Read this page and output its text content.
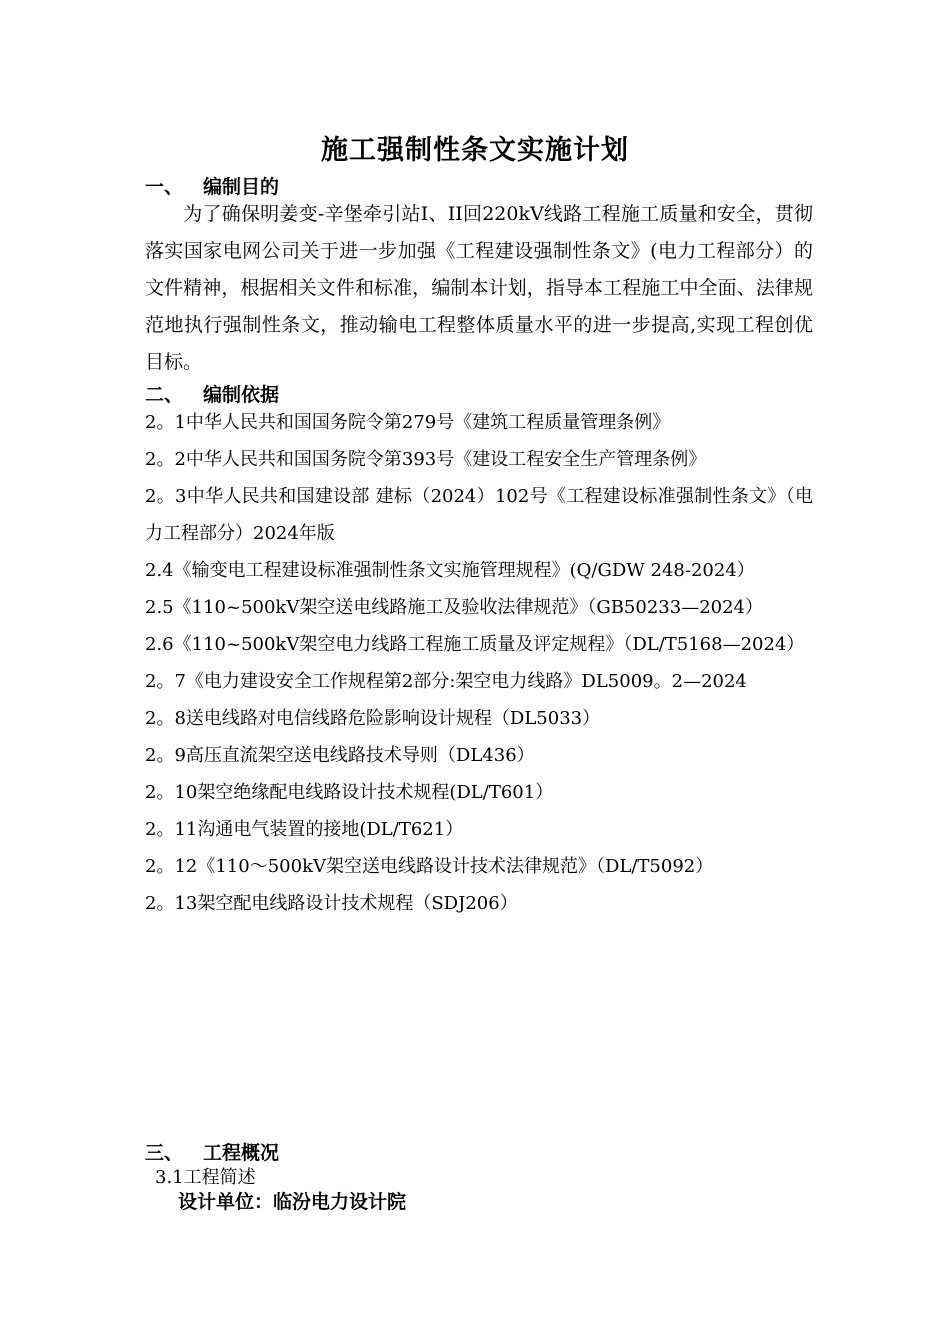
施工强制性条文实施计划
一、 编制目的
为了确保明姜变-辛堡牵引站I、II回220kV线路工程施工质量和安全，贯彻落实国家电网公司关于进一步加强《工程建设强制性条文》(电力工程部分）的文件精神，根据相关文件和标准，编制本计划，指导本工程施工中全面、法律规范地执行强制性条文，推动输电工程整体质量水平的进一步提高,实现工程创优目标。
二、 编制依据
2。1中华人民共和国国务院令第279号《建筑工程质量管理条例》
2。2中华人民共和国国务院令第393号《建设工程安全生产管理条例》
2。3中华人民共和国建设部 建标（2024）102号《工程建设标准强制性条文》（电力工程部分）2024年版
2.4《输变电工程建设标准强制性条文实施管理规程》(Q/GDW 248-2024）
2.5《110~500kV架空送电线路施工及验收法律规范》（GB50233—2024）
2.6《110~500kV架空电力线路工程施工质量及评定规程》（DL/T5168—2024）
2。7《电力建设安全工作规程第2部分:架空电力线路》DL5009。2—2024
2。8送电线路对电信线路危险影响设计规程（DL5033）
2。9高压直流架空送电线路技术导则（DL436）
2。10架空绝缘配电线路设计技术规程(DL/T601）
2。11沟通电气装置的接地(DL/T621）
2。12《110～500kV架空送电线路设计技术法律规范》（DL/T5092）
2。13架空配电线路设计技术规程（SDJ206）
三、 工程概况
3.1工程简述
设计单位：临汾电力设计院
